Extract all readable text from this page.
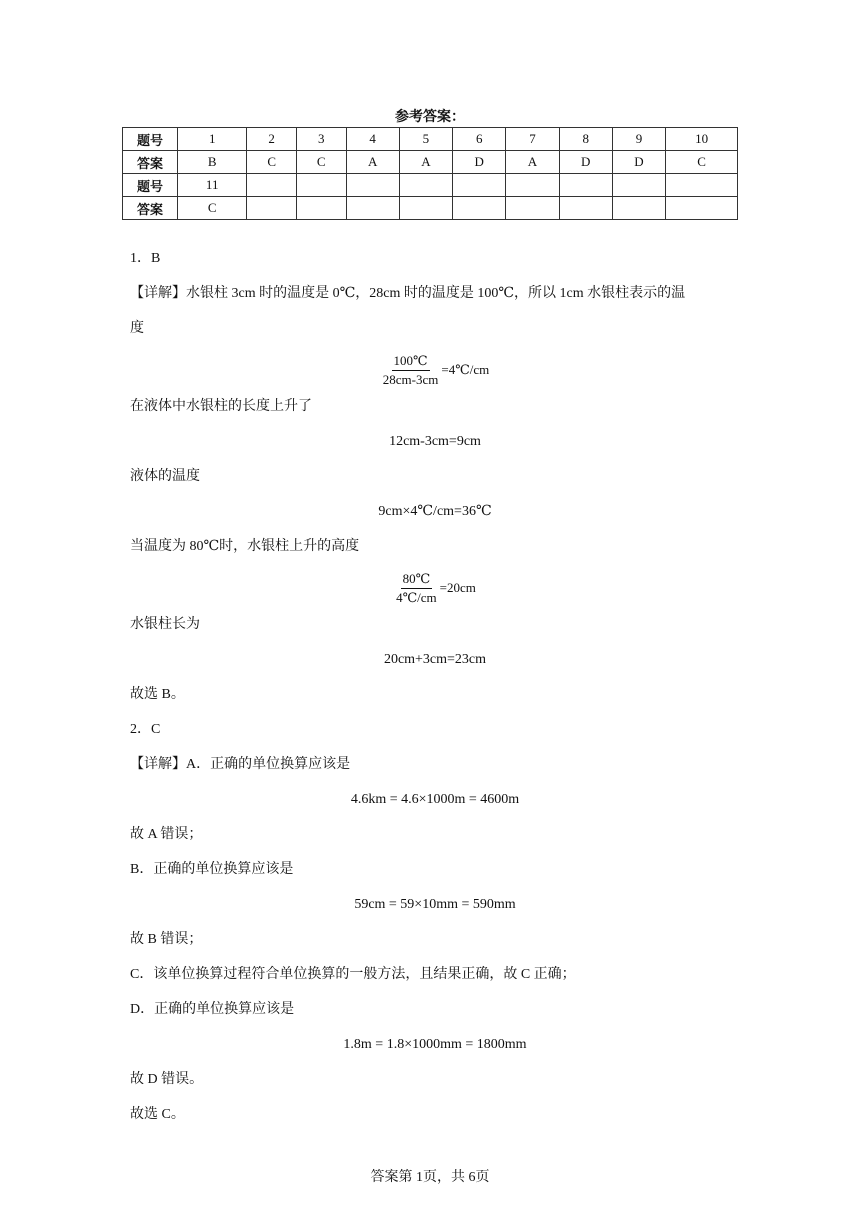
参考答案：
题号	1	2	3	4	5	6	7	8	9	10
答案	B	C	C	A	A	D	A	D	D	C
题号	11									
答案	C									
1．B
【详解】水银柱 3cm 时的温度是 0℃，28cm 时的温度是 100℃，所以 1cm 水银柱表示的温
度
$\frac{100℃}{28cm-3cm}$ =4℃/cm
在液体中水银柱的长度上升了
12cm-3cm=9cm
液体的温度
9cm×4℃/cm=36℃
当温度为 80℃时，水银柱上升的高度
$\frac{80℃}{4℃/cm} =20cm$
水银柱长为
20cm+3cm=23cm
故选 B。
2．C
【详解】A．正确的单位换算应该是
4.6km = 4.6×1000m = 4600m
故 A 错误；
B．正确的单位换算应该是
59cm = 59×10mm = 590mm
故 B 错误；
C．该单位换算过程符合单位换算的一般方法，且结果正确，故 C 正确；
D．正确的单位换算应该是
1.8m = 1.8×1000mm = 1800mm
故 D 错误。
故选 C。
答案第 1页，共 6页
